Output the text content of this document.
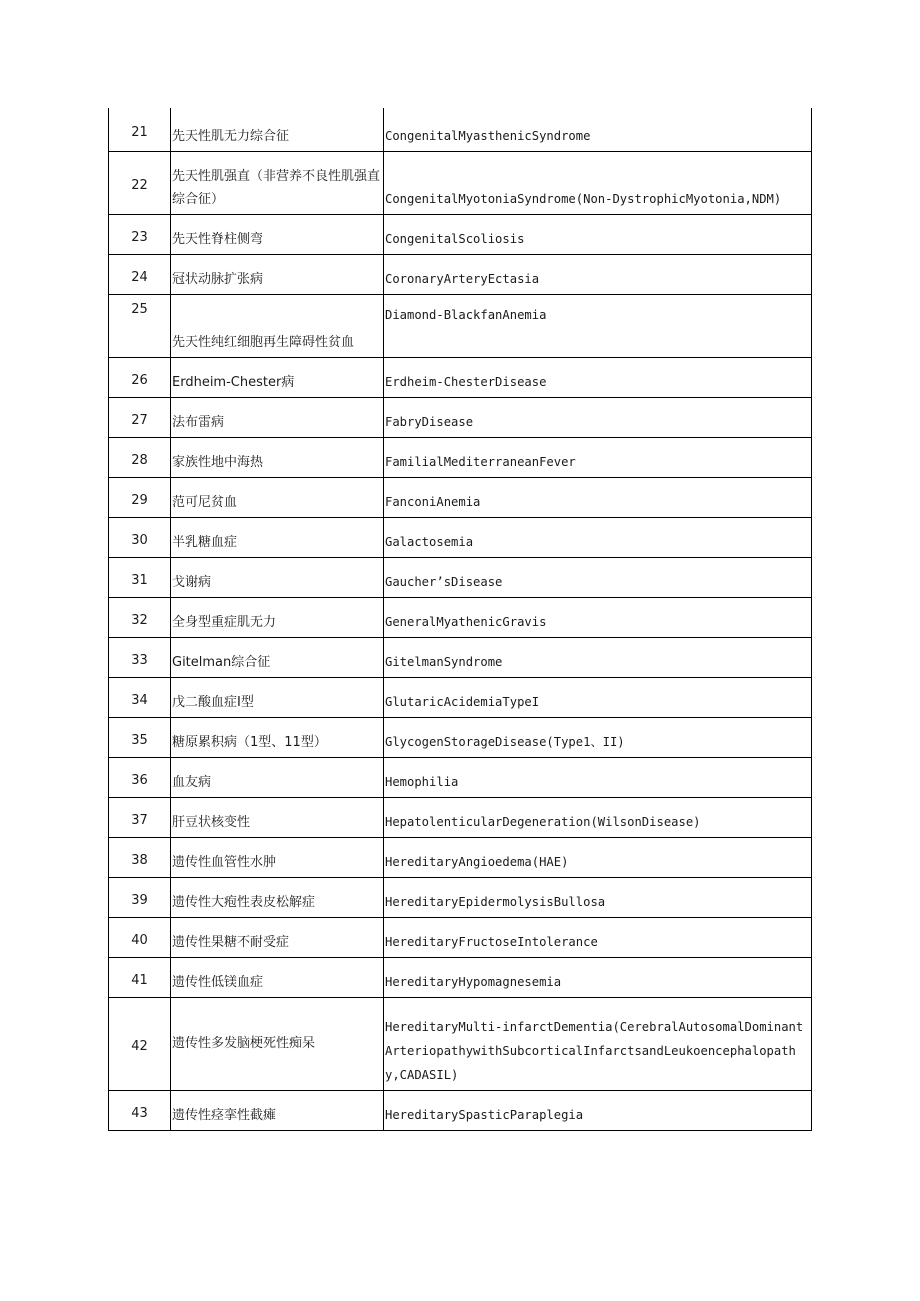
21	先天性肌无力综合征	CongenitalMyasthenicSyndrome
22	先天性肌强直（非营养不良性肌强直综合征）	CongenitalMyotoniaSyndrome(Non-DystrophicMyotonia,NDM)
23	先天性脊柱侧弯	CongenitalScoliosis
24	冠状动脉扩张病	CoronaryArteryEctasia
25	先天性纯红细胞再生障碍性贫血	Diamond-BlackfanAnemia
26	Erdheim-Chester病	Erdheim-ChesterDisease
27	法布雷病	FabryDisease
28	家族性地中海热	FamilialMediterraneanFever
29	范可尼贫血	FanconiAnemia
30	半乳糖血症	Galactosemia
31	戈谢病	Gaucher’sDisease
32	全身型重症肌无力	GeneralMyathenicGravis
33	Gitelman综合征	GitelmanSyndrome
34	戊二酸血症I型	GlutaricAcidemiaTypeI
35	糖原累积病（1型、11型）	GlycogenStorageDisease(Type1、II)
36	血友病	Hemophilia
37	肝豆状核变性	HepatolenticularDegeneration(WilsonDisease)
38	遗传性血管性水肿	HereditaryAngioedema(HAE)
39	遗传性大疱性表皮松解症	HereditaryEpidermolysisBullosa
40	遗传性果糖不耐受症	HereditaryFructoseIntolerance
41	遗传性低镁血症	HereditaryHypomagnesemia
42	遗传性多发脑梗死性痴呆	HereditaryMulti-infarctDementia(CerebralAutosomalDominantArteriopathywithSubcorticalInfarctsandLeukoencephalopathy,CADASIL)
43	遗传性痉挛性截瘫	HereditarySpasticParaplegia
